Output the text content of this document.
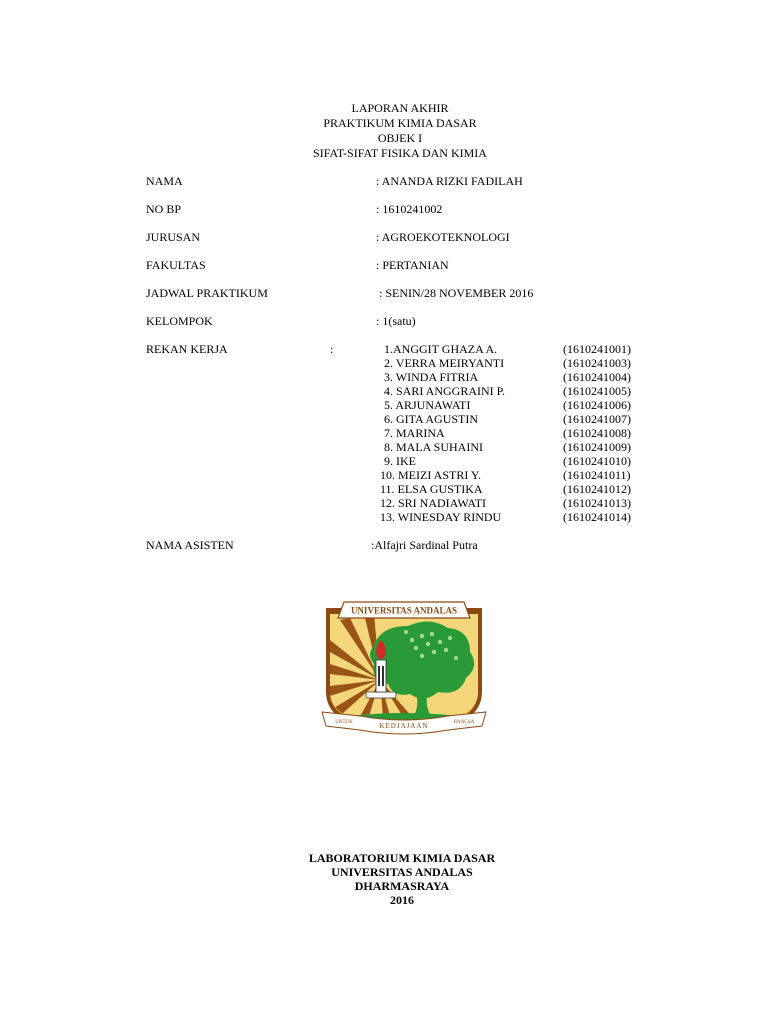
LAPORAN AKHIR
PRAKTIKUM KIMIA DASAR
OBJEK I
SIFAT-SIFAT FISIKA DAN KIMIA
NAMA	: ANANDA RIZKI FADILAH
NO BP	: 1610241002
JURUSAN	: AGROEKOTEKNOLOGI
FAKULTAS	: PERTANIAN
JADWAL PRAKTIKUM	: SENIN/28 NOVEMBER 2016
KELOMPOK	: 1(satu)
REKAN KERJA	:	1.ANGGIT GHAZA A.	(1610241001)
2. VERRA MEIRYANTI	(1610241003)
3. WINDA FITRIA	(1610241004)
4. SARI ANGGRAINI P.	(1610241005)
5. ARJUNAWATI	(1610241006)
6. GITA AGUSTIN	(1610241007)
7. MARINA	(1610241008)
8. MALA SUHAINI	(1610241009)
9. IKE	(1610241010)
10. MEIZI ASTRI Y.	(1610241011)
11. ELSA GUSTIKA	(1610241012)
12. SRI NADIAWATI	(1610241013)
13. WINESDAY RINDU	(1610241014)
NAMA ASISTEN	:Alfajri Sardinal Putra
UNIVERSITAS ANDALAS
UNTUK	KEDJAJAAN	BANGSA
LABORATORIUM KIMIA DASAR
UNIVERSITAS ANDALAS
DHARMASRAYA
2016
